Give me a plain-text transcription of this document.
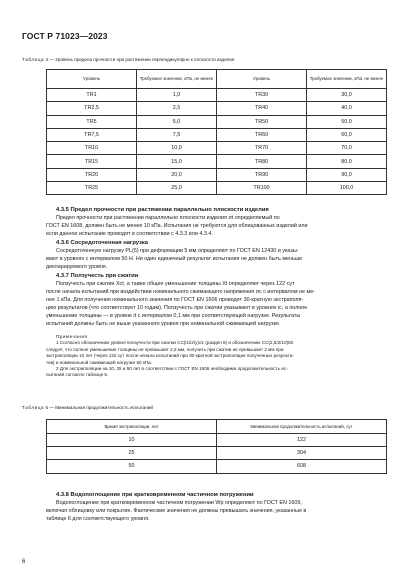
ГОСТ Р 71023—2023
Таблица 4 — Уровень предела прочности при растяжении перпендикулярно к плоскости изделия
Уровень	Требуемое значение, кПа, не менее	Уровень	Требуемое значение, кПа, не менее
TR1	1,0	TR30	30,0
TR2,5	2,5	TR40	40,0
TR5	5,0	TR50	50,0
TR7,5	7,5	TR60	60,0
TR10	10,0	TR70	70,0
TR15	15,0	TR80	80,0
TR20	20,0	TR90	90,0
TR25	25,0	TR100	100,0
4.3.5 Предел прочности при растяжении параллельно плоскости изделия
Предел прочности при растяжении параллельно плоскости изделия σt определяемый по
ГОСТ EN 1608, должен быть не менее 10 кПа. Испытания не требуются для облицованных изделий или
если данное испытание проводят в соответствии с 4.3.3 или 4.3.4.
4.3.6 Сосредоточенная нагрузка
Сосредоточенную нагрузку PL(5) при деформации 5 мм определяют по ГОСТ EN 12430 и указы-
вают в уровнях с интервалом 50 Н. Ни один единичный результат испытания не должен быть меньше
декларируемого уровня.
4.3.7 Ползучесть при сжатии
Ползучесть при сжатии Xct, а также общее уменьшение толщины Xt определяют через 122 сут
после начала испытаний при воздействии номинального сжимающего напряжения σc с интервалом не ме-
нее 1 кПа. Для получения номинального значения по ГОСТ EN 1606 проводят 30-кратную экстраполя-
цию результатов (что соответствует 10 годам). Ползучесть при сжатии указывают в уровнях ic, а полное
уменьшение толщины — в уровне it с интервалом 0,1 мм при соответствующей нагрузке. Результаты
испытаний должны быть не выше указанного уровня при номинальной сжимающей нагрузке.
Примечания
1 Согласно обозначению уровня ползучести при сжатии CC(i1/i2/y)σc (раздел 6) и обозначению CC(2,5/2/10)50
следует, что полное уменьшение толщины не превышает 2,5 мм, получить при сжатии не превышает 2 мм при
экстраполяции 10 лет (через 122 сут после начала испытаний при 30-кратной экстраполяции полученных результа-
тов) и номинальной сжимающей нагрузке 50 кПа.
2 Для экстраполяции на 10, 25 и 50 лет в соответствии с ГОСТ EN 1606 необходима продолжительность ис-
пытаний согласно таблице 5.
Таблица 5 — Минимальная продолжительность испытаний
Время экстраполяции, лет	Минимальная продолжительность испытаний, сут
10	122
25	304
50	608
4.3.8 Водопоглощение при кратковременном частичном погружении
Водопоглощение при кратковременном частичном погружении Wp определяют по ГОСТ EN 1609,
включая облицовку или покрытие. Фактические значения не должны превышать значения, указанные в
таблице 6 для соответствующего уровня.
6
